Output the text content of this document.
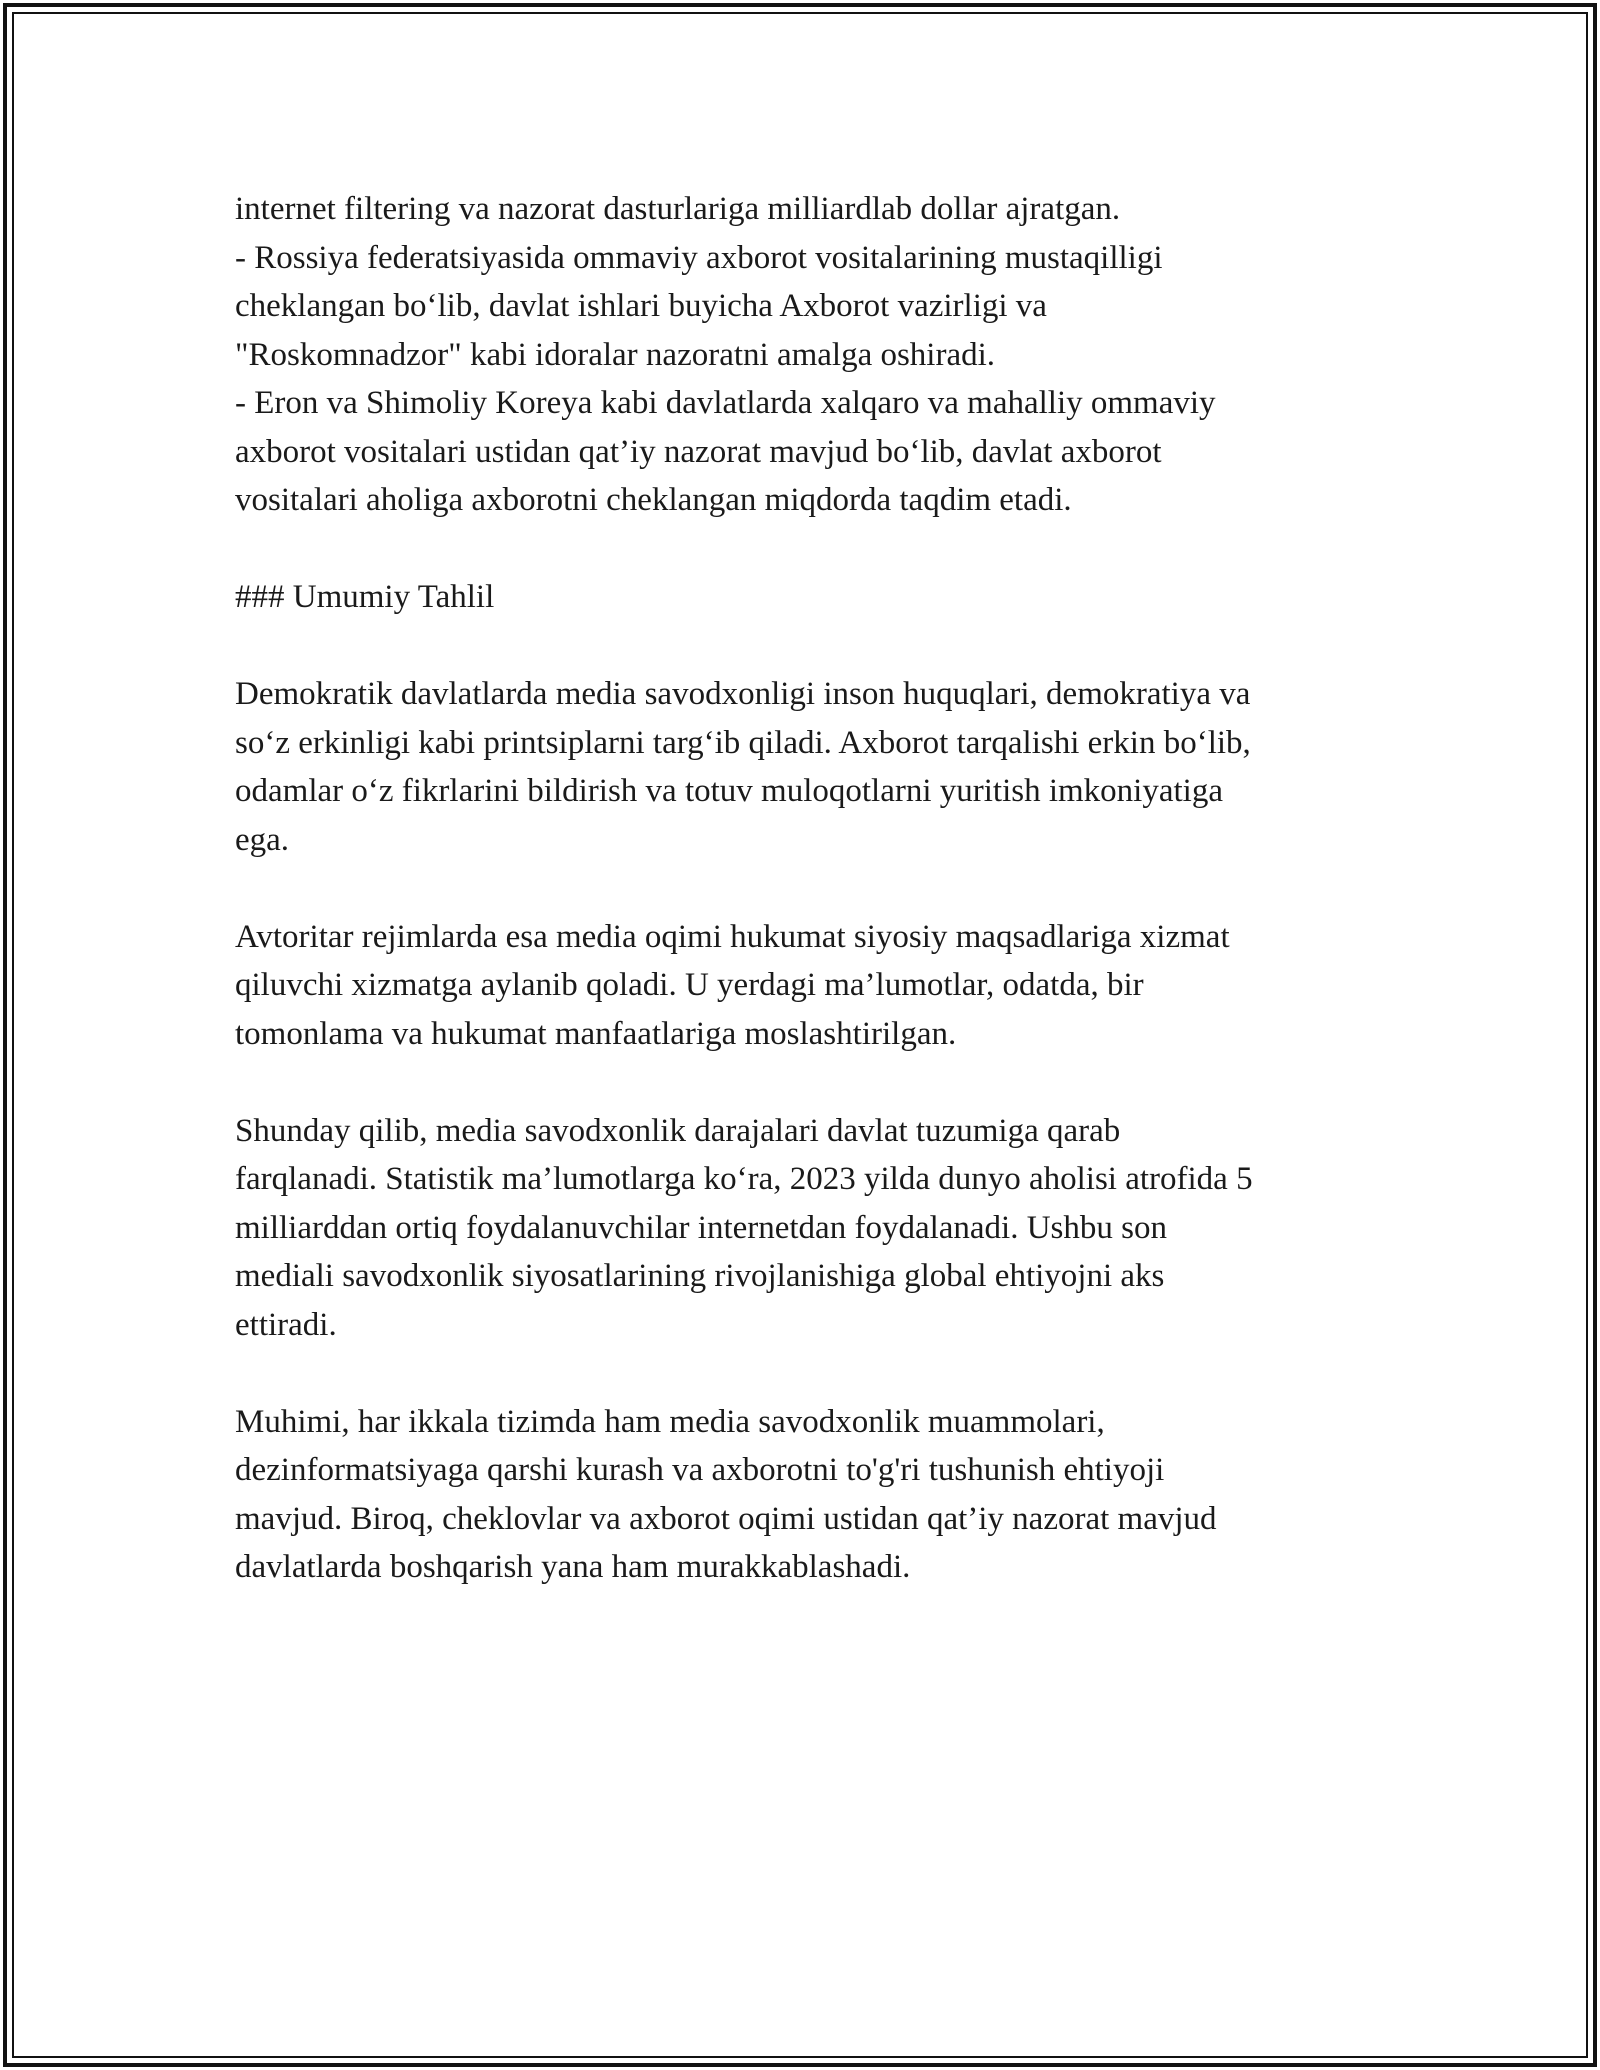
internet filtering va nazorat dasturlariga milliardlab dollar ajratgan.
- Rossiya federatsiyasida ommaviy axborot vositalarining mustaqilligi
cheklangan bo‘lib, davlat ishlari buyicha Axborot vazirligi va
"Roskomnadzor" kabi idoralar nazoratni amalga oshiradi.
- Eron va Shimoliy Koreya kabi davlatlarda xalqaro va mahalliy ommaviy
axborot vositalari ustidan qat’iy nazorat mavjud bo‘lib, davlat axborot
vositalari aholiga axborotni cheklangan miqdorda taqdim etadi.
### Umumiy Tahlil
Demokratik davlatlarda media savodxonligi inson huquqlari, demokratiya va
so‘z erkinligi kabi printsiplarni targ‘ib qiladi. Axborot tarqalishi erkin bo‘lib,
odamlar o‘z fikrlarini bildirish va totuv muloqotlarni yuritish imkoniyatiga
ega.
Avtoritar rejimlarda esa media oqimi hukumat siyosiy maqsadlariga xizmat
qiluvchi xizmatga aylanib qoladi. U yerdagi ma’lumotlar, odatda, bir
tomonlama va hukumat manfaatlariga moslashtirilgan.
Shunday qilib, media savodxonlik darajalari davlat tuzumiga qarab
farqlanadi. Statistik ma’lumotlarga ko‘ra, 2023 yilda dunyo aholisi atrofida 5
milliarddan ortiq foydalanuvchilar internetdan foydalanadi. Ushbu son
mediali savodxonlik siyosatlarining rivojlanishiga global ehtiyojni aks
ettiradi.
Muhimi, har ikkala tizimda ham media savodxonlik muammolari,
dezinformatsiyaga qarshi kurash va axborotni to'g'ri tushunish ehtiyoji
mavjud. Biroq, cheklovlar va axborot oqimi ustidan qat’iy nazorat mavjud
davlatlarda boshqarish yana ham murakkablashadi.
